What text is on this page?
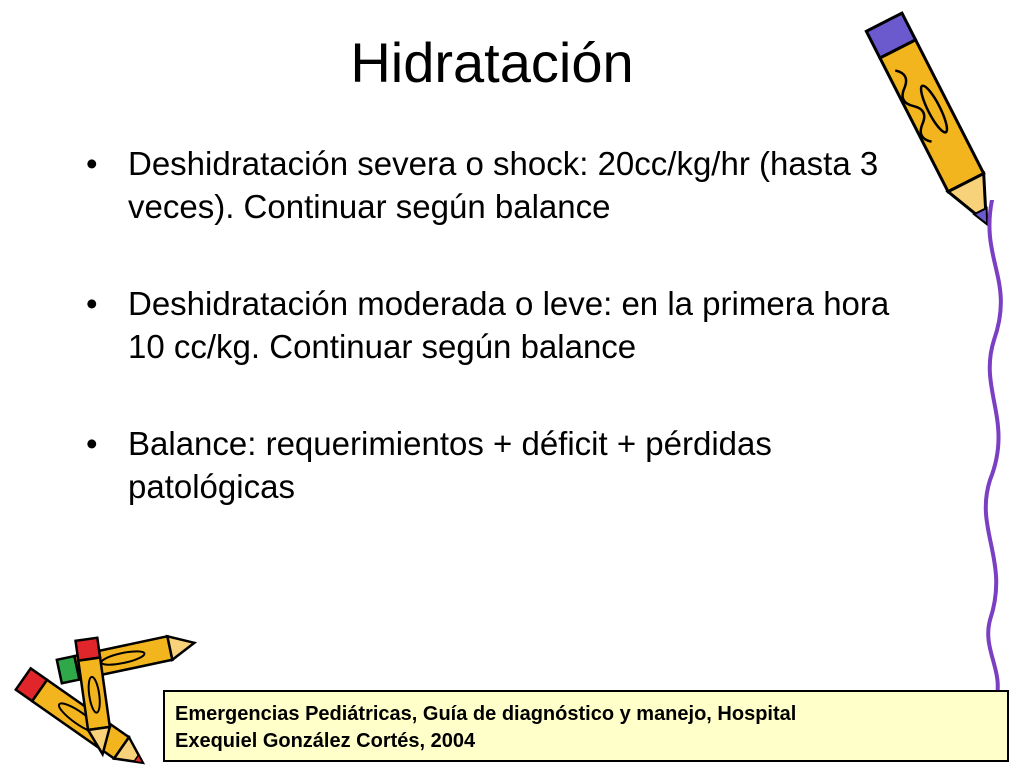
Hidratación
• Deshidratación severa o shock: 20cc/kg/hr (hasta 3 veces). Continuar según balance
• Deshidratación moderada o leve: en la primera hora 10 cc/kg. Continuar según balance
• Balance: requerimientos + déficit + pérdidas patológicas
Emergencias Pediátricas, Guía de diagnóstico y manejo, Hospital
Exequiel González Cortés, 2004
